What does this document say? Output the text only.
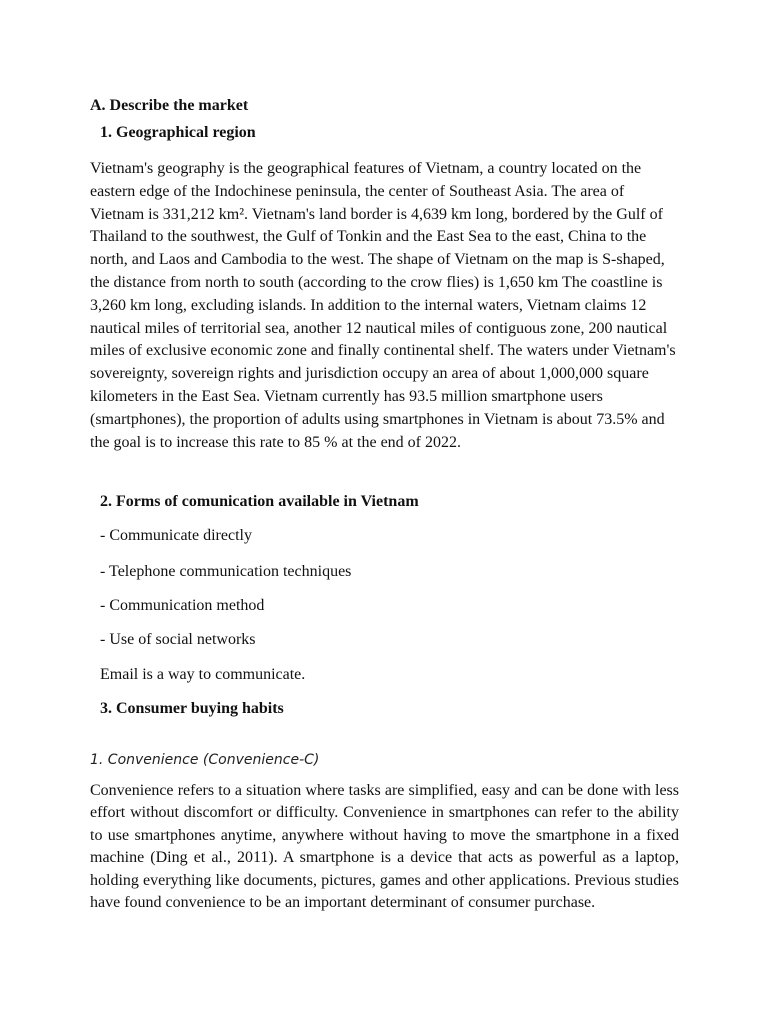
A. Describe the market
1. Geographical region

Vietnam's geography is the geographical features of Vietnam, a country located on the eastern edge of the Indochinese peninsula, the center of Southeast Asia. The area of Vietnam is 331,212 km². Vietnam's land border is 4,639 km long, bordered by the Gulf of Thailand to the southwest, the Gulf of Tonkin and the East Sea to the east, China to the north, and Laos and Cambodia to the west. The shape of Vietnam on the map is S-shaped, the distance from north to south (according to the crow flies) is 1,650 km The coastline is 3,260 km long, excluding islands. In addition to the internal waters, Vietnam claims 12 nautical miles of territorial sea, another 12 nautical miles of contiguous zone, 200 nautical miles of exclusive economic zone and finally continental shelf. The waters under Vietnam's sovereignty, sovereign rights and jurisdiction occupy an area of about 1,000,000 square kilometers in the East Sea. Vietnam currently has 93.5 million smartphone users (smartphones), the proportion of adults using smartphones in Vietnam is about 73.5% and the goal is to increase this rate to 85 % at the end of 2022.

2. Forms of comunication available in Vietnam
- Communicate directly
- Telephone communication techniques
- Communication method
- Use of social networks
Email is a way to communicate.
3. Consumer buying habits
1. Convenience (Convenience-C)

Convenience refers to a situation where tasks are simplified, easy and can be done with less effort without discomfort or difficulty. Convenience in smartphones can refer to the ability to use smartphones anytime, anywhere without having to move the smartphone in a fixed machine (Ding et al., 2011). A smartphone is a device that acts as powerful as a laptop, holding everything like documents, pictures, games and other applications. Previous studies have found convenience to be an important determinant of consumer purchase.
